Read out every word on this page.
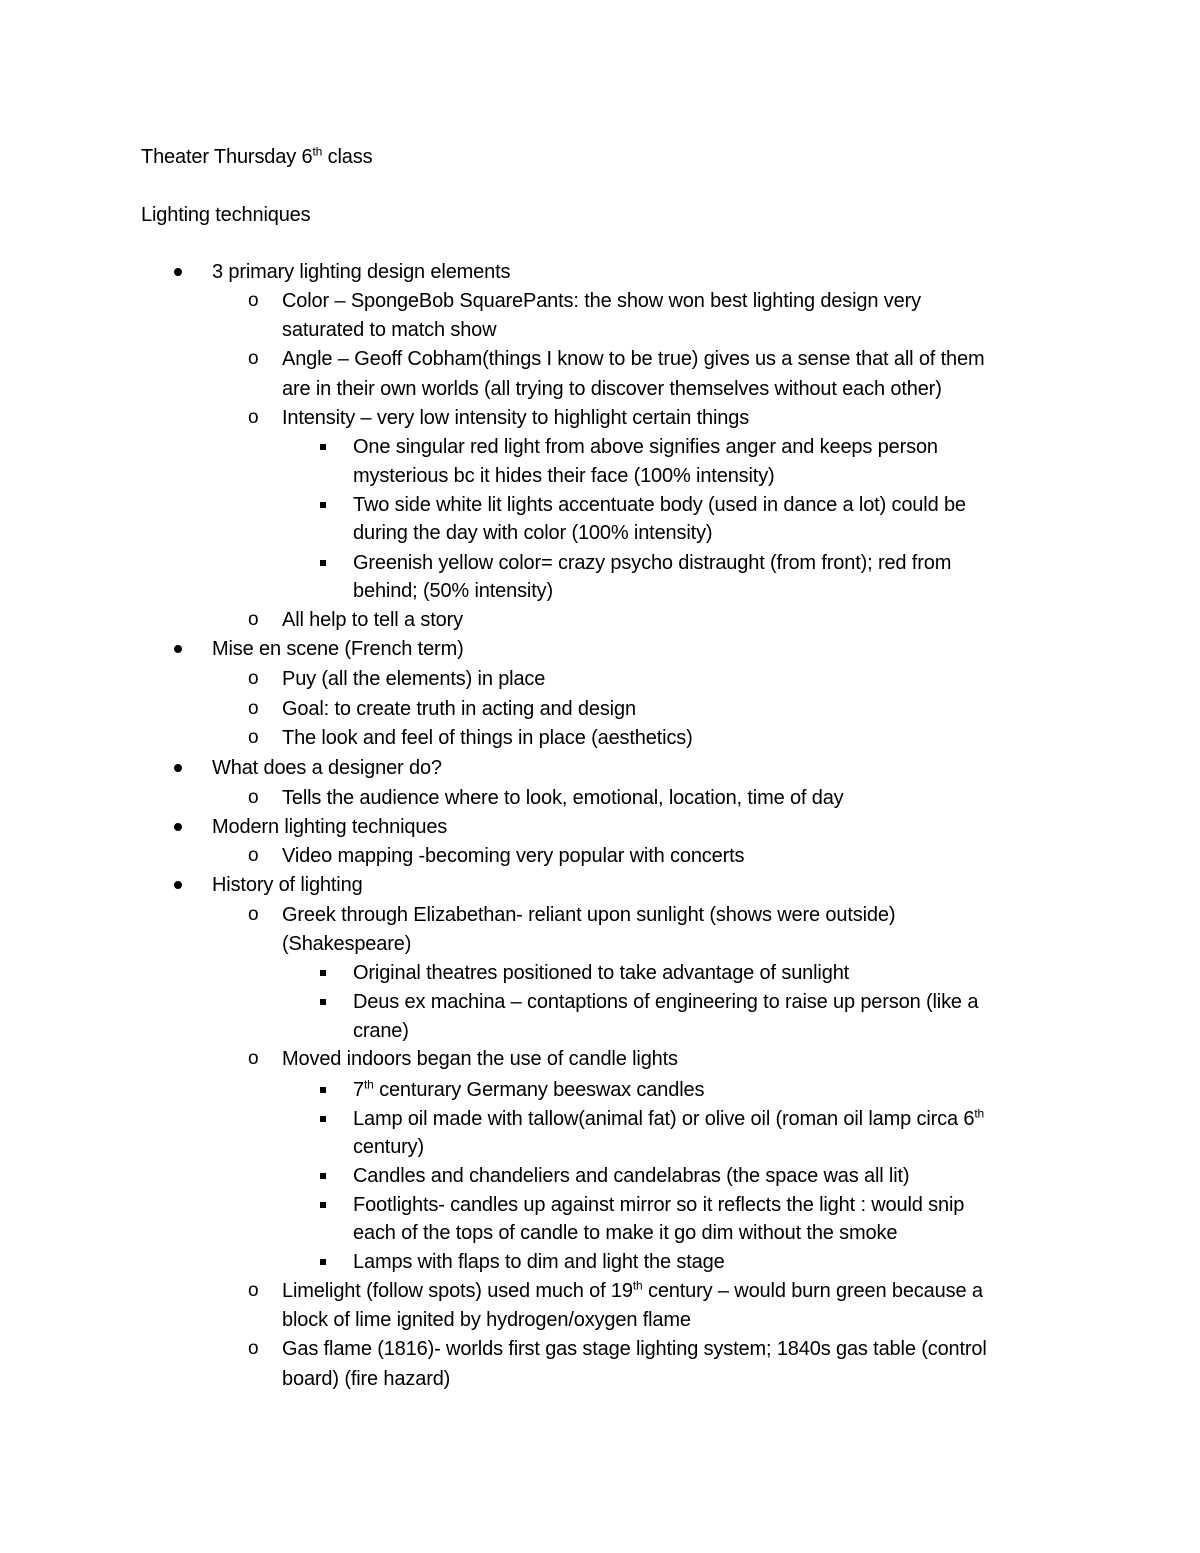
Theater Thursday 6th class
Lighting techniques
3 primary lighting design elements
o Color – SpongeBob SquarePants: the show won best lighting design very
saturated to match show
o Angle – Geoff Cobham(things I know to be true) gives us a sense that all of them
are in their own worlds (all trying to discover themselves without each other)
o Intensity – very low intensity to highlight certain things
One singular red light from above signifies anger and keeps person
mysterious bc it hides their face (100% intensity)
Two side white lit lights accentuate body (used in dance a lot) could be
during the day with color (100% intensity)
Greenish yellow color= crazy psycho distraught (from front); red from
behind; (50% intensity)
o All help to tell a story
Mise en scene (French term)
o Puy (all the elements) in place
o Goal: to create truth in acting and design
o The look and feel of things in place (aesthetics)
What does a designer do?
o Tells the audience where to look, emotional, location, time of day
Modern lighting techniques
o Video mapping -becoming very popular with concerts
History of lighting
o Greek through Elizabethan- reliant upon sunlight (shows were outside)
(Shakespeare)
Original theatres positioned to take advantage of sunlight
Deus ex machina – contaptions of engineering to raise up person (like a
crane)
o Moved indoors began the use of candle lights
7th centurary Germany beeswax candles
Lamp oil made with tallow(animal fat) or olive oil (roman oil lamp circa 6th
century)
Candles and chandeliers and candelabras (the space was all lit)
Footlights- candles up against mirror so it reflects the light : would snip
each of the tops of candle to make it go dim without the smoke
Lamps with flaps to dim and light the stage
o Limelight (follow spots) used much of 19th century – would burn green because a
block of lime ignited by hydrogen/oxygen flame
o Gas flame (1816)- worlds first gas stage lighting system; 1840s gas table (control
board) (fire hazard)
